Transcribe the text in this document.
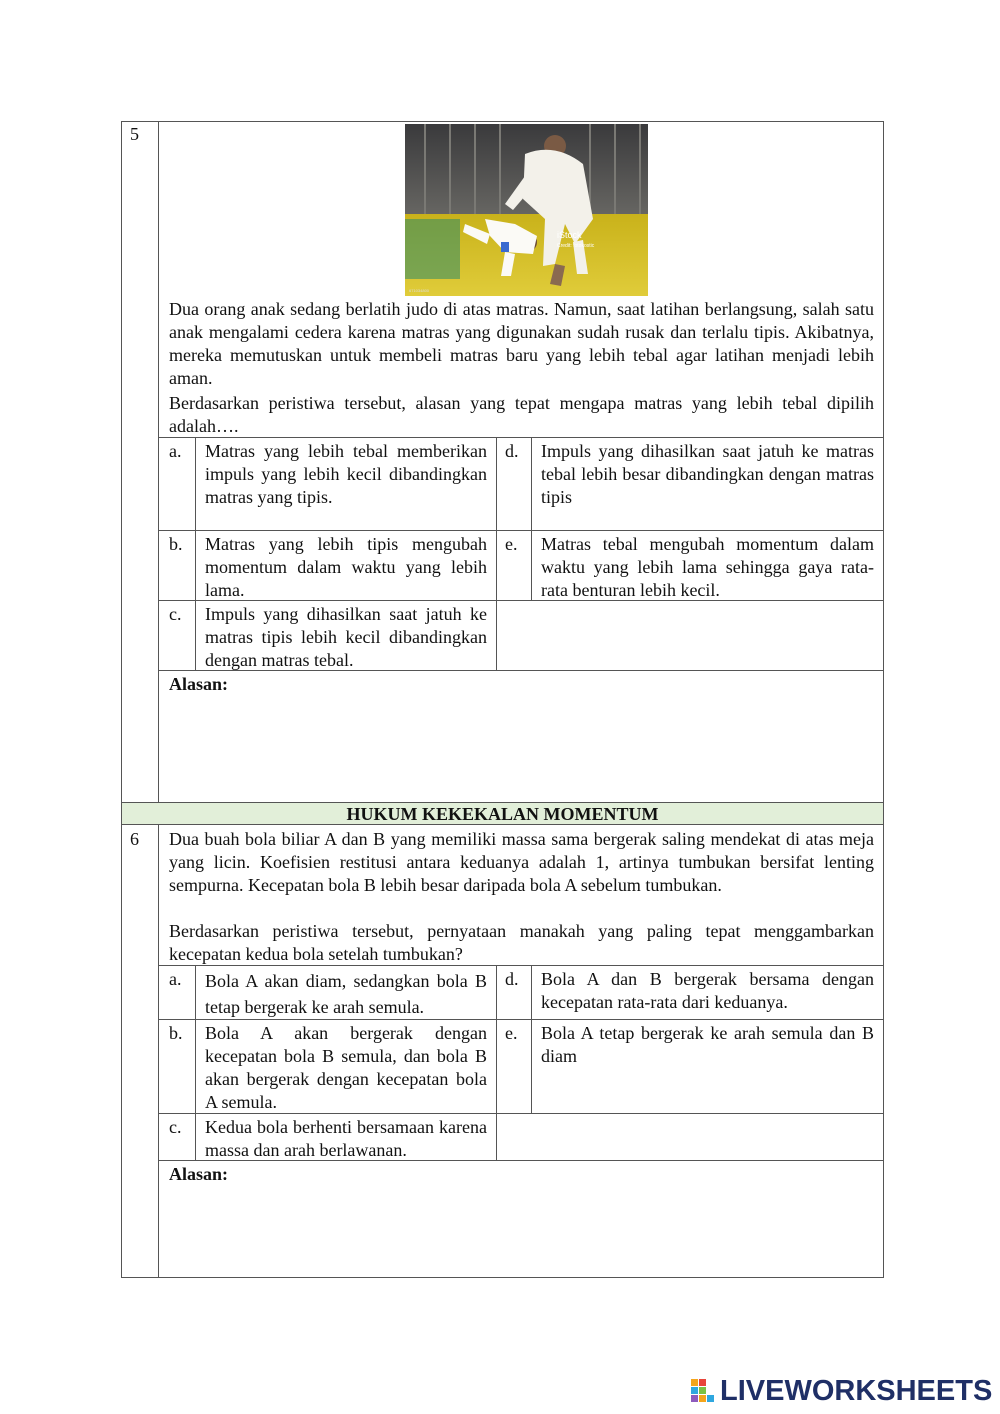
5
iStock
Credit: fotokostic
671034800
Dua orang anak sedang berlatih judo di atas matras. Namun, saat latihan berlangsung, salah satu anak mengalami cedera karena matras yang digunakan sudah rusak dan terlalu tipis. Akibatnya, mereka memutuskan untuk membeli matras baru yang lebih tebal agar latihan menjadi lebih aman.
Berdasarkan peristiwa tersebut, alasan yang tepat mengapa matras yang lebih tebal dipilih adalah….
a. Matras yang lebih tebal memberikan impuls yang lebih kecil dibandingkan matras yang tipis.
d. Impuls yang dihasilkan saat jatuh ke matras tebal lebih besar dibandingkan dengan matras tipis
b. Matras yang lebih tipis mengubah momentum dalam waktu yang lebih lama.
e. Matras tebal mengubah momentum dalam waktu yang lebih lama sehingga gaya rata-rata benturan lebih kecil.
c. Impuls yang dihasilkan saat jatuh ke matras tipis lebih kecil dibandingkan dengan matras tebal.
Alasan:
HUKUM KEKEKALAN MOMENTUM
6 Dua buah bola biliar A dan B yang memiliki massa sama bergerak saling mendekat di atas meja yang licin. Koefisien restitusi antara keduanya adalah 1, artinya tumbukan bersifat lenting sempurna. Kecepatan bola B lebih besar daripada bola A sebelum tumbukan.
Berdasarkan peristiwa tersebut, pernyataan manakah yang paling tepat menggambarkan kecepatan kedua bola setelah tumbukan?
a. Bola A akan diam, sedangkan bola B tetap bergerak ke arah semula.
d. Bola A dan B bergerak bersama dengan kecepatan rata-rata dari keduanya.
b. Bola A akan bergerak dengan kecepatan bola B semula, dan bola B akan bergerak dengan kecepatan bola A semula.
e. Bola A tetap bergerak ke arah semula dan B diam
c. Kedua bola berhenti bersamaan karena massa dan arah berlawanan.
Alasan:
LIVEWORKSHEETS
